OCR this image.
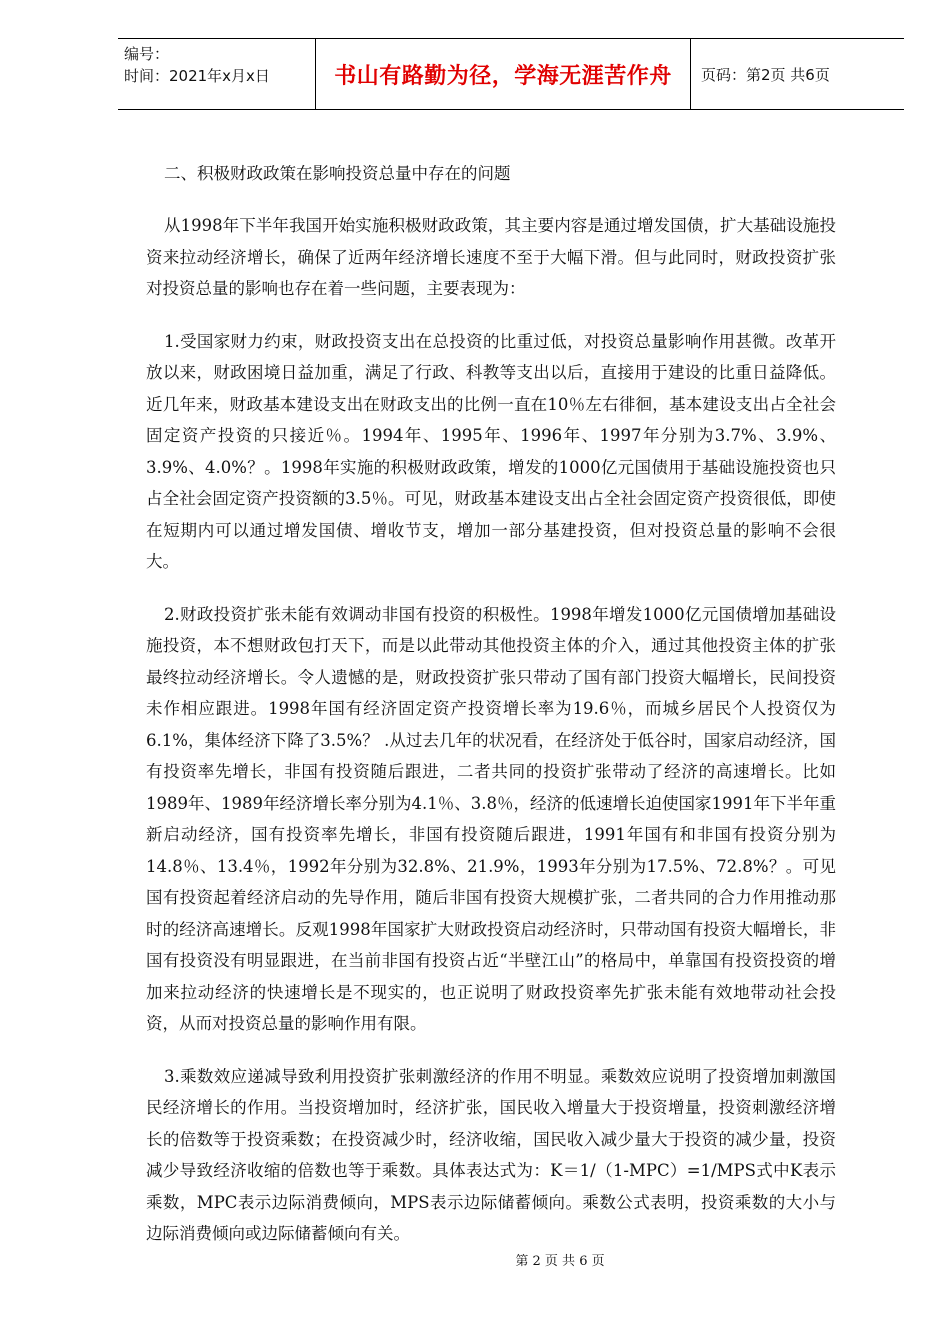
编号：
时间：2021年x月x日	书山有路勤为径，学海无涯苦作舟 页码：第2页 共6页

二、积极财政政策在影响投资总量中存在的问题

从1998年下半年我国开始实施积极财政政策，其主要内容是通过增发国债，扩大基础设施投资来拉动经济增长，确保了近两年经济增长速度不至于大幅下滑。但与此同时，财政投资扩张对投资总量的影响也存在着一些问题，主要表现为：

1.受国家财力约束，财政投资支出在总投资的比重过低，对投资总量影响作用甚微。改革开放以来，财政困境日益加重，满足了行政、科教等支出以后，直接用于建设的比重日益降低。近几年来，财政基本建设支出在财政支出的比例一直在10％左右徘徊，基本建设支出占全社会固定资产投资的只接近％。1994年、1995年、1996年、1997年分别为3.7%、3.9%、3.9%、4.0%？。1998年实施的积极财政政策，增发的1000亿元国债用于基础设施投资也只占全社会固定资产投资额的3.5％。可见，财政基本建设支出占全社会固定资产投资很低，即使在短期内可以通过增发国债、增收节支，增加一部分基建投资，但对投资总量的影响不会很大。

2.财政投资扩张未能有效调动非国有投资的积极性。1998年增发1000亿元国债增加基础设施投资，本不想财政包打天下，而是以此带动其他投资主体的介入，通过其他投资主体的扩张最终拉动经济增长。令人遗憾的是，财政投资扩张只带动了国有部门投资大幅增长，民间投资未作相应跟进。1998年国有经济固定资产投资增长率为19.6％，而城乡居民个人投资仅为6.1%，集体经济下降了3.5%？ .从过去几年的状况看，在经济处于低谷时，国家启动经济，国有投资率先增长，非国有投资随后跟进，二者共同的投资扩张带动了经济的高速增长。比如1989年、1989年经济增长率分别为4.1％、3.8％，经济的低速增长迫使国家1991年下半年重新启动经济，国有投资率先增长，非国有投资随后跟进，1991年国有和非国有投资分别为14.8％、13.4％，1992年分别为32.8%、21.9%，1993年分别为17.5%、72.8%？。可见国有投资起着经济启动的先导作用，随后非国有投资大规模扩张，二者共同的合力作用推动那时的经济高速增长。反观1998年国家扩大财政投资启动经济时，只带动国有投资大幅增长，非国有投资没有明显跟进，在当前非国有投资占近“半壁江山”的格局中，单靠国有投资投资的增加来拉动经济的快速增长是不现实的，也正说明了财政投资率先扩张未能有效地带动社会投资，从而对投资总量的影响作用有限。

3.乘数效应递减导致利用投资扩张刺激经济的作用不明显。乘数效应说明了投资增加刺激国民经济增长的作用。当投资增加时，经济扩张，国民收入增量大于投资增量，投资刺激经济增长的倍数等于投资乘数；在投资减少时，经济收缩，国民收入减少量大于投资的减少量，投资减少导致经济收缩的倍数也等于乘数。具体表达式为：K＝1/（1-MPC）=1/MPS式中K表示乘数，MPC表示边际消费倾向，MPS表示边际储蓄倾向。乘数公式表明，投资乘数的大小与边际消费倾向或边际储蓄倾向有关。

第 2 页 共 6 页
